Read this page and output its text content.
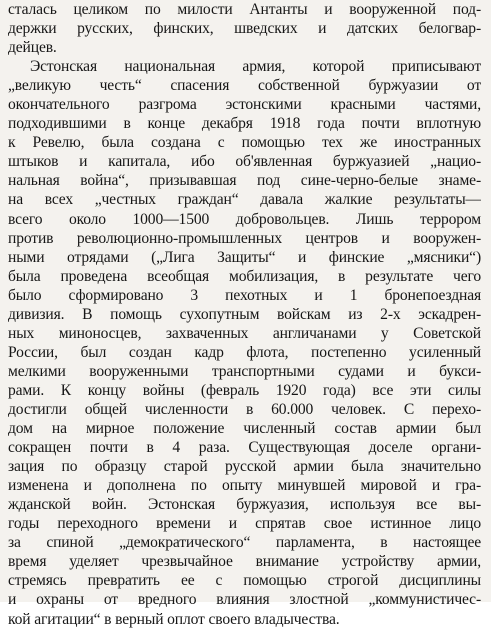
сталась целиком по милости Антанты и вооруженной под-
держки русских, финских, шведских и датских белогвар-
дейцев.
Эстонская национальная армия, которой приписывают
„великую честь“ спасения собственной буржуазии от
окончательного разгрома эстонскими красными частями,
подходившими в конце декабря 1918 года почти вплотную
к Ревелю, была создана с помощью тех же иностранных
штыков и капитала, ибо об'явленная буржуазией „нацио-
нальная война“, призывавшая под сине-черно-белые знаме-
на всех „честных граждан“ давала жалкие результаты—
всего около 1000—1500 добровольцев. Лишь террором
против революционно-промышленных центров и вооружен-
ными отрядами („Лига Защиты“ и финские „мясники“)
была проведена всеобщая мобилизация, в результате чего
было сформировано 3 пехотных и 1 бронепоездная
дивизия. В помощь сухопутным войскам из 2-х эскадрен-
ных миноносцев, захваченных англичанами у Советской
России, был создан кадр флота, постепенно усиленный
мелкими вооруженными транспортными судами и букси-
рами. К концу войны (февраль 1920 года) все эти силы
достигли общей численности в 60.000 человек. С перехо-
дом на мирное положение численный состав армии был
сокращен почти в 4 раза. Существующая доселе органи-
зация по образцу старой русской армии была значительно
изменена и дополнена по опыту минувшей мировой и гра-
жданской войн. Эстонская буржуазия, используя все вы-
годы переходного времени и спрятав свое истинное лицо
за спиной „демократического“ парламента, в настоящее
время уделяет чрезвычайное внимание устройству армии,
стремясь превратить ее с помощью строгой дисциплины
и охраны от вредного влияния злостной „коммунистичес-
кой агитации“ в верный оплот своего владычества.
